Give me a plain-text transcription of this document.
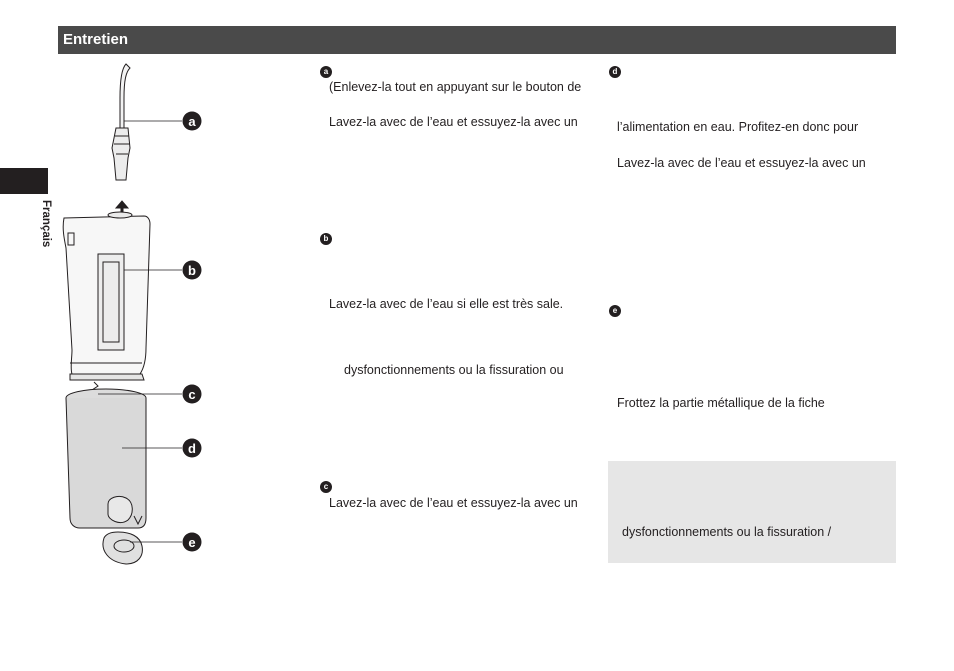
Entretien
Français
a
b
c
d
e
a
(Enlevez-la tout en appuyant sur le bouton de
Lavez-la avec de l’eau et essuyez-la avec un
b
Lavez-la avec de l’eau si elle est très sale.
dysfonctionnements ou la fissuration ou
c
Lavez-la avec de l’eau et essuyez-la avec un
d
l’alimentation en eau. Profitez-en donc pour
Lavez-la avec de l’eau et essuyez-la avec un
e
Frottez la partie métallique de la fiche
dysfonctionnements ou la fissuration /
